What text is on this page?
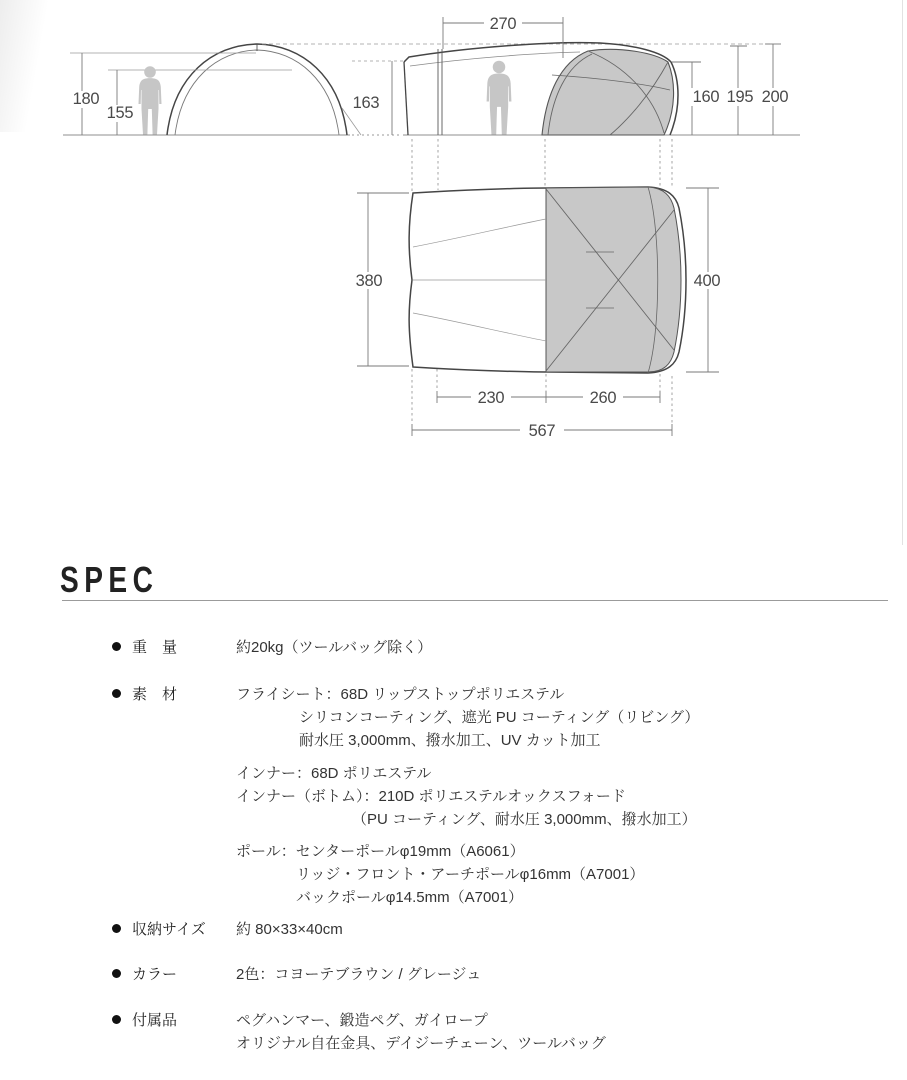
180
155
270
163	160 195 200
380	400
230	260
567
SPEC
重　量	約20kg（ツールバッグ除く）
素　材	フライシート：68D リップストップポリエステル
シリコンコーティング、遮光 PU コーティング（リビング）
耐水圧 3,000mm、撥水加工、UV カット加工
インナー：68D ポリエステル
インナー（ボトム）：210D ポリエステルオックスフォード
（PU コーティング、耐水圧 3,000mm、撥水加工）
ポール：センターポールφ19mm（A6061）
リッジ・フロント・アーチポールφ16mm（A7001）
バックポールφ14.5mm（A7001）
収納サイズ 約 80×33×40cm
カラー	2色：コヨーテブラウン / グレージュ
付属品	ペグハンマー、鍛造ペグ、ガイロープ
オリジナル自在金具、デイジーチェーン、ツールバッグ
